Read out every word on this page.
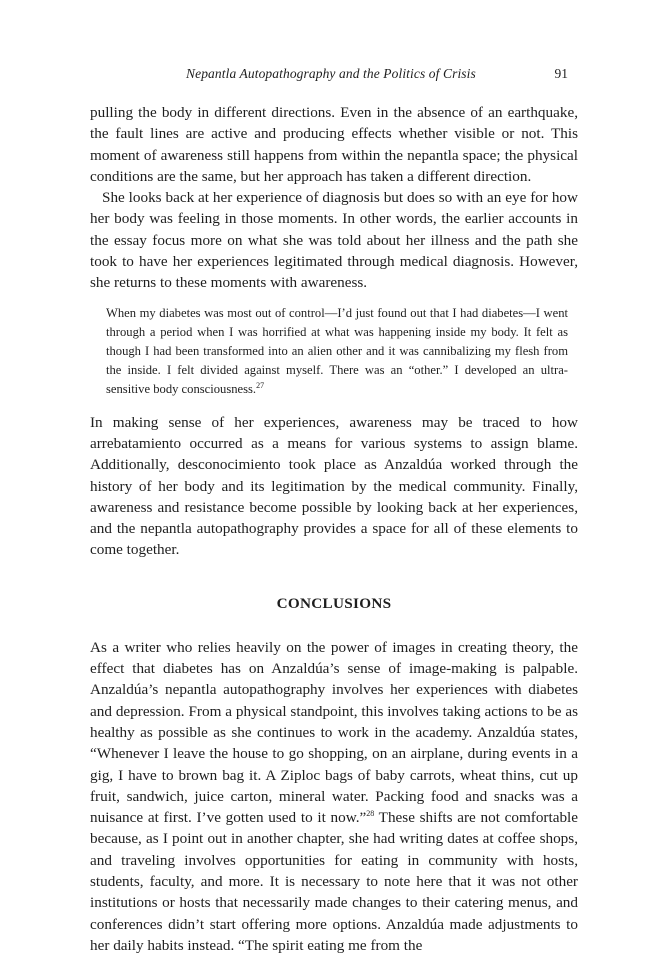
Nepantla Autopathography and the Politics of Crisis	91

pulling the body in different directions. Even in the absence of an earthquake, the fault lines are active and producing effects whether visible or not. This moment of awareness still happens from within the nepantla space; the physical conditions are the same, but her approach has taken a different direction.

She looks back at her experience of diagnosis but does so with an eye for how her body was feeling in those moments. In other words, the earlier accounts in the essay focus more on what she was told about her illness and the path she took to have her experiences legitimated through medical diagnosis. However, she returns to these moments with awareness.

When my diabetes was most out of control—I’d just found out that I had diabetes—I went through a period when I was horrified at what was happening inside my body. It felt as though I had been transformed into an alien other and it was cannibalizing my flesh from the inside. I felt divided against myself. There was an “other.” I developed an ultra-sensitive body consciousness.$^{27}$

In making sense of her experiences, awareness may be traced to how arrebatamiento occurred as a means for various systems to assign blame. Additionally, desconocimiento took place as Anzaldúa worked through the history of her body and its legitimation by the medical community. Finally, awareness and resistance become possible by looking back at her experiences, and the nepantla autopathography provides a space for all of these elements to come together.

CONCLUSIONS

As a writer who relies heavily on the power of images in creating theory, the effect that diabetes has on Anzaldúa’s sense of image-making is palpable. Anzaldúa’s nepantla autopathography involves her experiences with diabetes and depression. From a physical standpoint, this involves taking actions to be as healthy as possible as she continues to work in the academy. Anzaldúa states, “Whenever I leave the house to go shopping, on an airplane, during events in a gig, I have to brown bag it. A Ziploc bags of baby carrots, wheat thins, cut up fruit, sandwich, juice carton, mineral water. Packing food and snacks was a nuisance at first. I’ve gotten used to it now.”$^{28}$ These shifts are not comfortable because, as I point out in another chapter, she had writing dates at coffee shops, and traveling involves opportunities for eating in community with hosts, students, faculty, and more. It is necessary to note here that it was not other institutions or hosts that necessarily made changes to their catering menus, and conferences didn’t start offering more options. Anzaldúa made adjustments to her daily habits instead. “The spirit eating me from the
